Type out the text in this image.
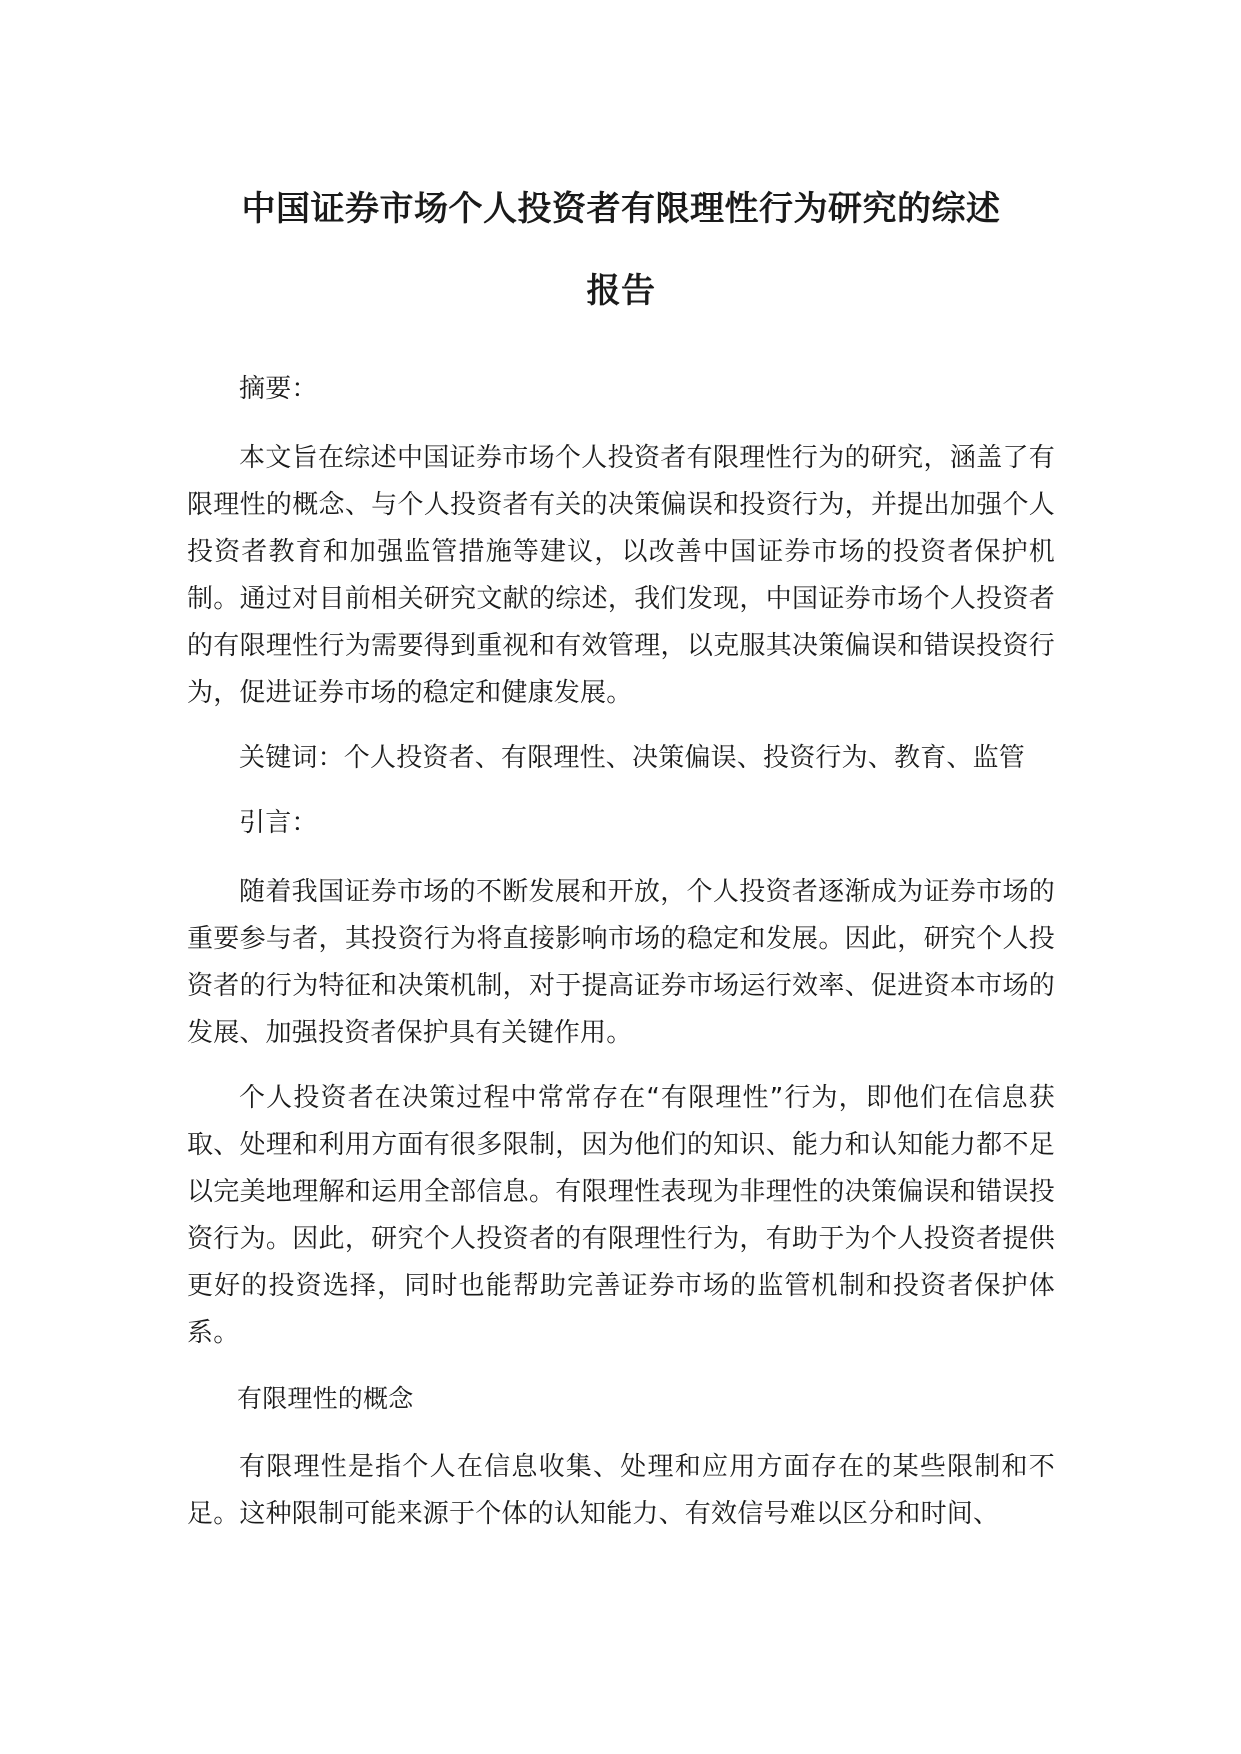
中国证券市场个人投资者有限理性行为研究的综述
报告

摘要：

本文旨在综述中国证券市场个人投资者有限理性行为的研究，涵盖了有限理性的概念、与个人投资者有关的决策偏误和投资行为，并提出加强个人投资者教育和加强监管措施等建议，以改善中国证券市场的投资者保护机制。通过对目前相关研究文献的综述，我们发现，中国证券市场个人投资者的有限理性行为需要得到重视和有效管理，以克服其决策偏误和错误投资行为，促进证券市场的稳定和健康发展。

关键词：个人投资者、有限理性、决策偏误、投资行为、教育、监管

引言：

随着我国证券市场的不断发展和开放，个人投资者逐渐成为证券市场的重要参与者，其投资行为将直接影响市场的稳定和发展。因此，研究个人投资者的行为特征和决策机制，对于提高证券市场运行效率、促进资本市场的发展、加强投资者保护具有关键作用。

个人投资者在决策过程中常常存在“有限理性”行为，即他们在信息获取、处理和利用方面有很多限制，因为他们的知识、能力和认知能力都不足以完美地理解和运用全部信息。有限理性表现为非理性的决策偏误和错误投资行为。因此，研究个人投资者的有限理性行为，有助于为个人投资者提供更好的投资选择，同时也能帮助完善证券市场的监管机制和投资者保护体系。

有限理性的概念

有限理性是指个人在信息收集、处理和应用方面存在的某些限制和不足。这种限制可能来源于个体的认知能力、有效信号难以区分和时间、
